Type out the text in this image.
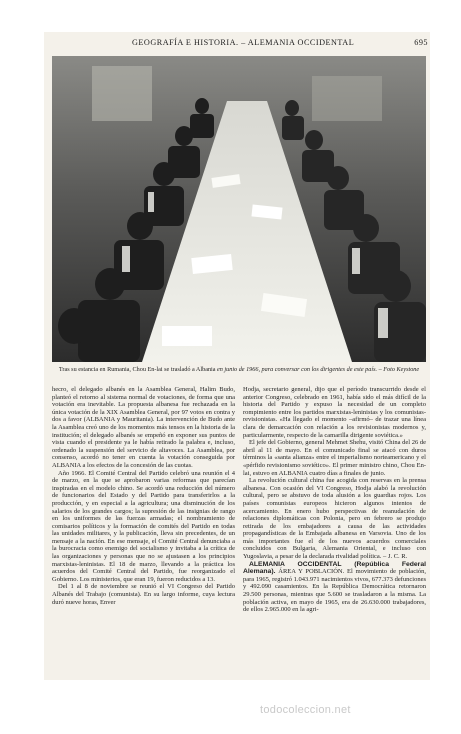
GEOGRAFÍA E HISTORIA. – ALEMANIA OCCIDENTAL	695
Tras su estancia en Rumania, Chou En-lai se trasladó a Albania en junio de 1966, para conversar con los dirigentes de este país. – Foto Keystone

hecro, el delegado albanés en la Asamblea General, Halim Budo, planteó el retorno al sistema normal de votaciones, de forma que una votación era inevitable. La propuesta albanesa fue rechazada en la única votación de la XIX Asamblea General, por 97 votos en contra y dos a favor (ALBANIA y Mauritania). La intervención de Budo ante la Asamblea creó uno de los momentos más tensos en la historia de la institución; el delegado albanés se empeñó en exponer sus puntos de vista cuando el presidente ya le había retirado la palabra e, incluso, ordenado la suspensión del servicio de altavoces. La Asamblea, por consenso, acordó no tener en cuenta la votación conseguida por ALBANIA a los efectos de la concesión de las cuotas.

Año 1966. El Comité Central del Partido celebró una reunión el 4 de marzo, en la que se aprobaron varias reformas que parecían inspiradas en el modelo chino. Se acordó una reducción del número de funcionarios del Estado y del Partido para transferirlos a la producción, y en especial a la agricultura; una disminución de los salarios de los grandes cargos; la supresión de las insignias de rango en los uniformes de las fuerzas armadas; el nombramiento de comisarios políticos y la formación de comités del Partido en todas las unidades militares, y la publicación, lleva sin precedentes, de un mensaje a la nación. En ese mensaje, el Comité Central denunciaba a la burocracia como enemigo del socialismo y invitaba a la crítica de las organizaciones y personas que no se ajustasen a los principios marxistas-leninistas. El 18 de marzo, llevando a la práctica los acuerdos del Comité Central del Partido, fue reorganizado el Gobierno. Los ministerios, que eran 19, fueron reducidos a 13.

Del 1 al 8 de noviembre se reunió el VI Congreso del Partido Albanés del Trabajo (comunista). En su largo informe, cuya lectura duró nueve horas, Enver

Hodja, secretario general, dijo que el período transcurrido desde el anterior Congreso, celebrado en 1961, había sido el más difícil de la historia del Partido y expuso la necesidad de un completo rompimiento entre los partidos marxistas-leninistas y los comunistas-revisionistas. «Ha llegado el momento –afirmó– de trazar una línea clara de demarcación con relación a los revisionistas modernos y, particularmente, respecto de la camarilla dirigente soviética.»

El jefe del Gobierno, general Mehmet Shehu, visitó China del 26 de abril al 11 de mayo. En el comunicado final se atacó con duros términos la «santa alianza» entre el imperialismo norteamericano y el «pérfido revisionismo soviético». El primer ministro chino, Chou En-lai, estuvo en ALBANIA cuatro días a finales de junio.

La revolución cultural china fue acogida con reservas en la prensa albanesa. Con ocasión del VI Congreso, Hodja alabó la revolución cultural, pero se abstuvo de toda alusión a los guardias rojos. Los países comunistas europeos hicieron algunos intentos de acercamiento. En enero hubo perspectivas de reanudación de relaciones diplomáticas con Polonia, pero en febrero se produjo retirada de los embajadores a causa de las actividades propagandísticas de la Embajada albanesa en Varsovia. Uno de los más importantes fue el de los nuevos acuerdos comerciales concluidos con Bulgaria, Alemania Oriental, e incluso con Yugoslavia, a pesar de la declarada rivalidad política. – J. C. R.

ALEMANIA OCCIDENTAL (República Federal Alemana). ÁREA Y POBLACIÓN. El movimiento de población, para 1965, registró 1.043.971 nacimientos vivos, 677.373 defunciones y 492.090 casamientos. En la República Democrática retornaron 29.500 personas, mientras que 5.600 se trasladaron a la misma. La población activa, en mayo de 1965, era de 26.630.000 trabajadores, de ellos 2.965.000 en la agri-

todocoleccion.net
